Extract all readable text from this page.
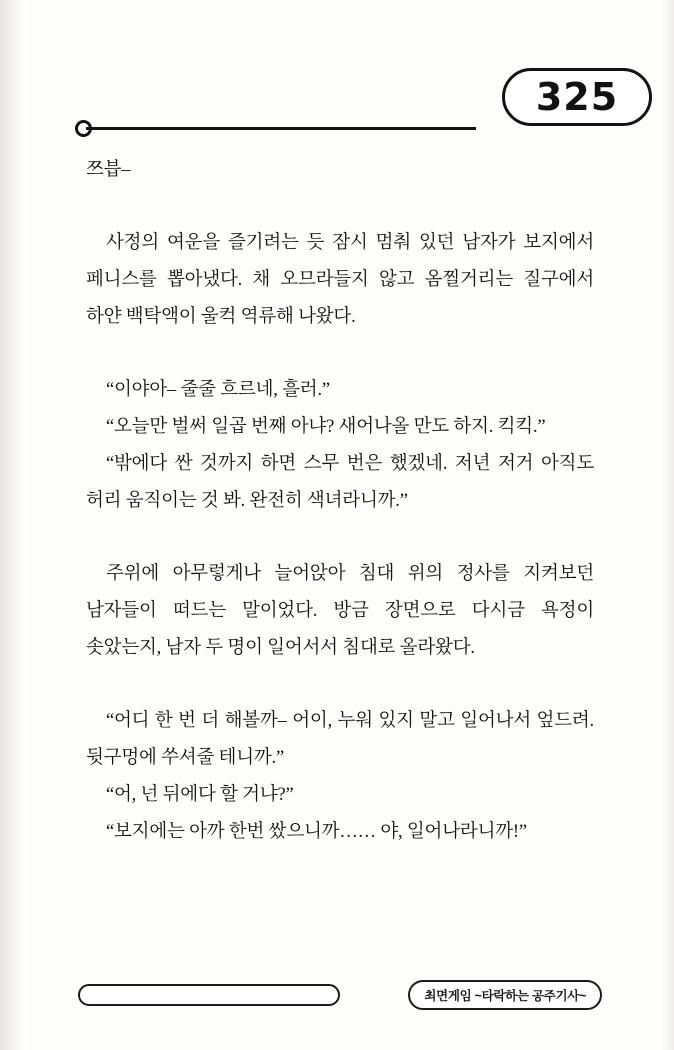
325

쯔븝–

사정의 여운을 즐기려는 듯 잠시 멈춰 있던 남자가 보지에서 페니스를 뽑아냈다. 채 오므라들지 않고 옴찔거리는 질구에서 하얀 백탁액이 울컥 역류해 나왔다.

“이야아– 줄줄 흐르네, 흘러.”

“오늘만 벌써 일곱 번째 아냐? 새어나올 만도 하지. 킥킥.”

“밖에다 싼 것까지 하면 스무 번은 했겠네. 저년 저거 아직도 허리 움직이는 것 봐. 완전히 색녀라니까.”

주위에 아무렇게나 늘어앉아 침대 위의 정사를 지켜보던 남자들이 떠드는 말이었다. 방금 장면으로 다시금 욕정이 솟았는지, 남자 두 명이 일어서서 침대로 올라왔다.

“어디 한 번 더 해볼까– 어이, 누워 있지 말고 일어나서 엎드려. 뒷구멍에 쑤셔줄 테니까.”

“어, 넌 뒤에다 할 거냐?”

“보지에는 아까 한번 쌌으니까…… 야, 일어나라니까!”

최면게임 ~타락하는 공주기사~
